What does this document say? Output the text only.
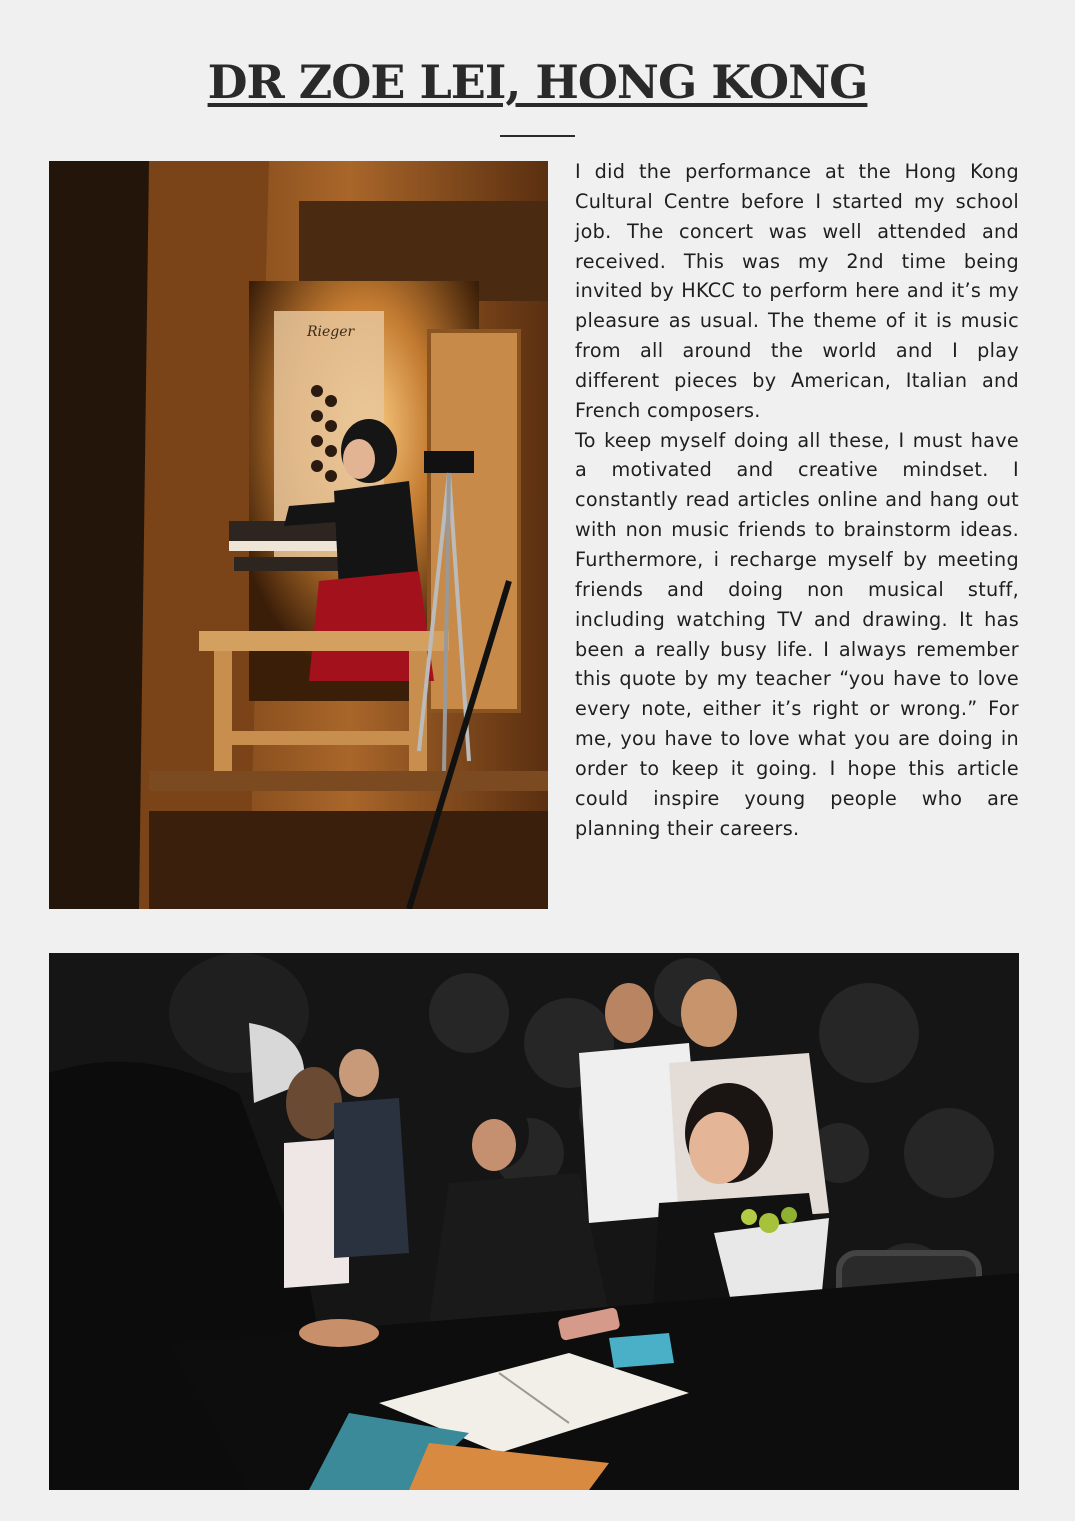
DR ZOE LEI, HONG KONG
Rieger

I did the performance at the Hong Kong Cultural Centre before I started my school job. The concert was well attended and received. This was my 2nd time being invited by HKCC to perform here and it’s my pleasure as usual. The theme of it is music from all around the world and I play different pieces by American, Italian and French composers.

To keep myself doing all these, I must have a motivated and creative mindset. I constantly read articles online and hang out with non music friends to brainstorm ideas. Furthermore, i recharge myself by meeting friends and doing non musical stuff, including watching TV and drawing. It has been a really busy life. I always remember this quote by my teacher “you have to love every note, either it’s right or wrong.” For me, you have to love what you are doing in order to keep it going. I hope this article could inspire young people who are planning their careers.
